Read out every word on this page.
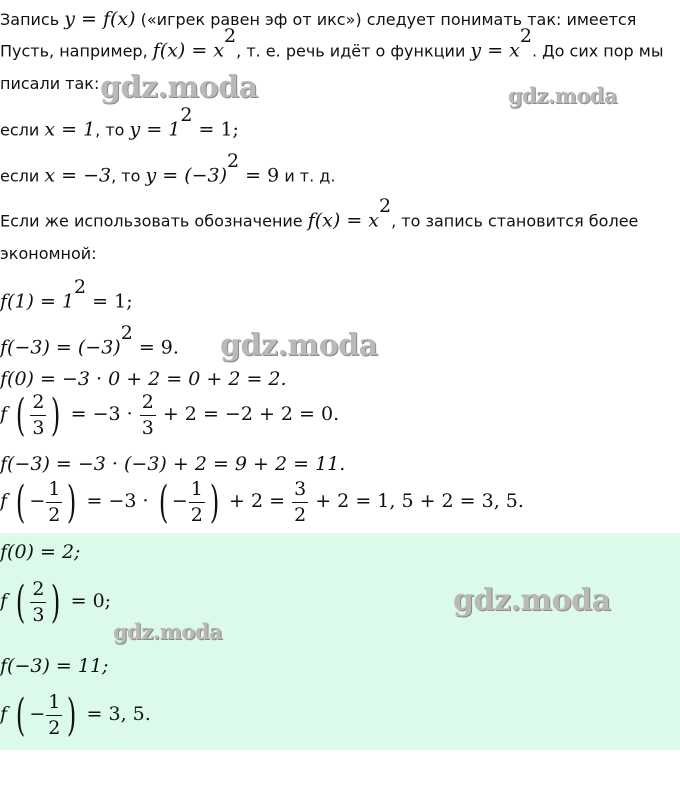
Запись y = f(x) («игрек равен эф от икс») следует понимать так: имеется
Пусть, например, $f(x) = x^2$, т. е. речь идёт о функции $y = x^2$. До сих пор мы
писали так:
если x = 1, то $y = 1^2 = 1$;
если x = −3, то $y = (-3)^2 = 9$ и т. д.
Если же использовать обозначение $f(x) = x^2$, то запись становится более
экономной:
$f(1) = 1^2 = 1$;
$f(-3) = (-3)^2 = 9$.
f(0) = −3 · 0 + 2 = 0 + 2 = 2.
f ( $\frac{2}{3}$ ) = $-3 \cdot \frac{2}{3} + 2 = -2 + 2 = 0$.
f(−3) = −3 · (−3) + 2 = 9 + 2 = 11.
f ( − $\frac{1}{2}$ ) = −3 · ( − $\frac{1}{2}$ ) + $2 = \frac{3}{2} + 2 = 1$, 5 + 2 = 3, 5.
f(0) = 2;
f ( $\frac{2}{3}$ ) = 0;
f(−3) = 11;
f ( − $\frac{1}{2}$ ) = 3, 5.
gdz.moda	gdz.moda
gdz.moda
gdz.moda
gdz.moda
